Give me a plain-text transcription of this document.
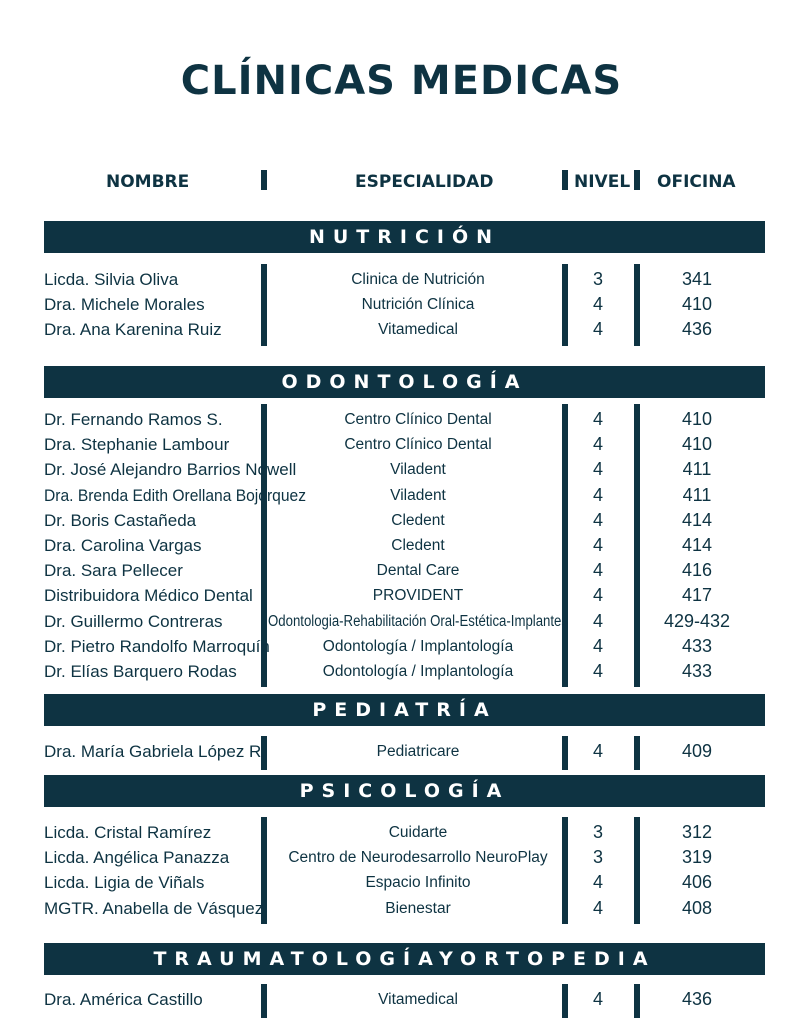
CLÍNICAS MEDICAS
NOMBRE	ESPECIALIDAD	NIVEL OFICINA
NUTRICIÓN
Licda. Silvia Oliva	Clinica de Nutrición	3	341
Dra. Michele Morales	Nutrición Clínica	4	410
Dra. Ana Karenina Ruiz	Vitamedical	4	436
ODONTOLOGÍA
Dr. Fernando Ramos S.	Centro Clínico Dental	4	410
Dra. Stephanie Lambour	Centro Clínico Dental	4	410
Dr. José Alejandro Barrios Nowell	Viladent	4	411
Dra. Brenda Edith Orellana Bojorquez	Viladent	4	411
Dr. Boris Castañeda	Cledent	4	414
Dra. Carolina Vargas	Cledent	4	414
Dra. Sara Pellecer	Dental Care	4	416
Distribuidora Médico Dental	PROVIDENT	4	417
Dr. Guillermo Contreras	Odontologia-Rehabilitación Oral-Estética-Implantes 4	429-432
Dr. Pietro Randolfo Marroquín	Odontología / Implantología	4	433
Dr. Elías Barquero Rodas	Odontología / Implantología	4	433
PEDIATRÍA
Dra. María Gabriela López R.	Pediatricare	4	409
PSICOLOGÍA
Licda. Cristal Ramírez	Cuidarte	3	312
Licda. Angélica Panazza	Centro de Neurodesarrollo NeuroPlay	3	319
Licda. Ligia de Viñals	Espacio Infinito	4	406
MGTR. Anabella de Vásquez	Bienestar	4	408
TRAUMATOLOGÍAYORTOPEDIA
Dra. América Castillo	Vitamedical	4	436
